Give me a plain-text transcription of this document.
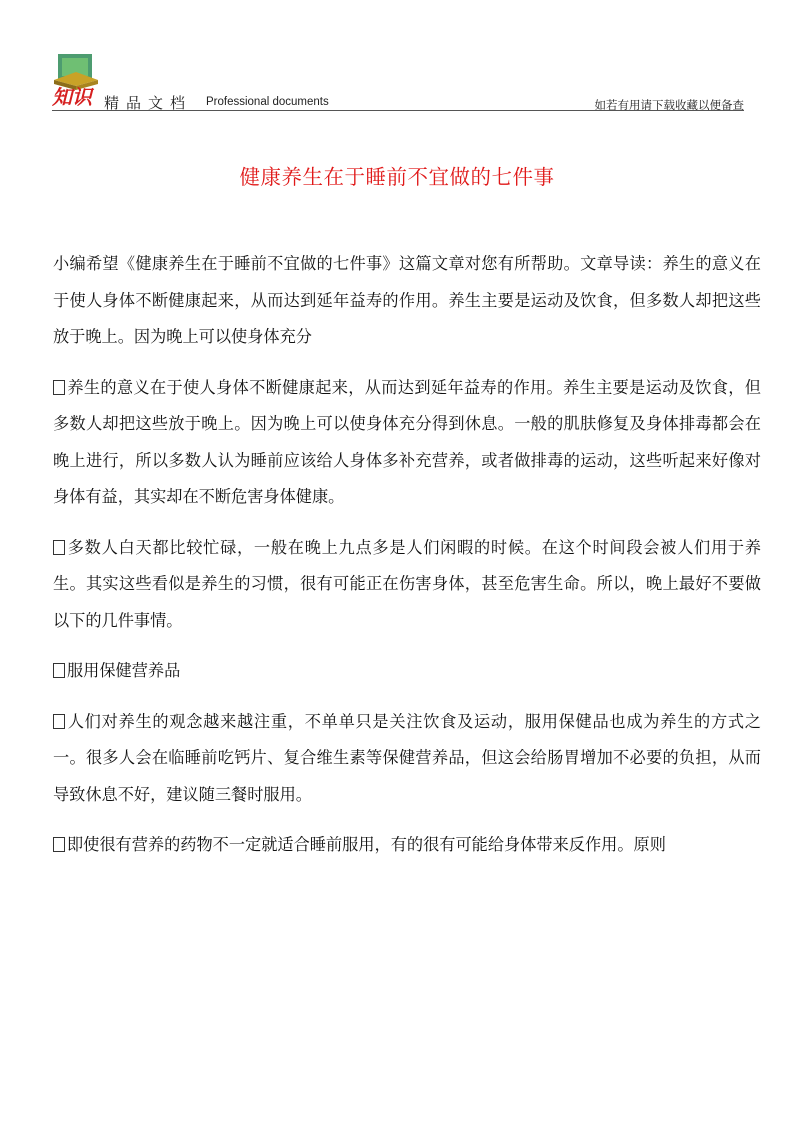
知识 精品文档 Professional documents	如若有用请下载收藏以便备查
健康养生在于睡前不宜做的七件事

小编希望《健康养生在于睡前不宜做的七件事》这篇文章对您有所帮助。文章导读：养生的意义在于使人身体不断健康起来，从而达到延年益寿的作用。养生主要是运动及饮食，但多数人却把这些放于晚上。因为晚上可以使身体充分

养生的意义在于使人身体不断健康起来，从而达到延年益寿的作用。养生主要是运动及饮食，但多数人却把这些放于晚上。因为晚上可以使身体充分得到休息。一般的肌肤修复及身体排毒都会在晚上进行，所以多数人认为睡前应该给人身体多补充营养，或者做排毒的运动，这些听起来好像对身体有益，其实却在不断危害身体健康。

多数人白天都比较忙碌，一般在晚上九点多是人们闲暇的时候。在这个时间段会被人们用于养生。其实这些看似是养生的习惯，很有可能正在伤害身体，甚至危害生命。所以，晚上最好不要做以下的几件事情。

服用保健营养品

人们对养生的观念越来越注重，不单单只是关注饮食及运动，服用保健品也成为养生的方式之一。很多人会在临睡前吃钙片、复合维生素等保健营养品，但这会给肠胃增加不必要的负担，从而导致休息不好，建议随三餐时服用。

即使很有营养的药物不一定就适合睡前服用，有的很有可能给身体带来反作用。原则
